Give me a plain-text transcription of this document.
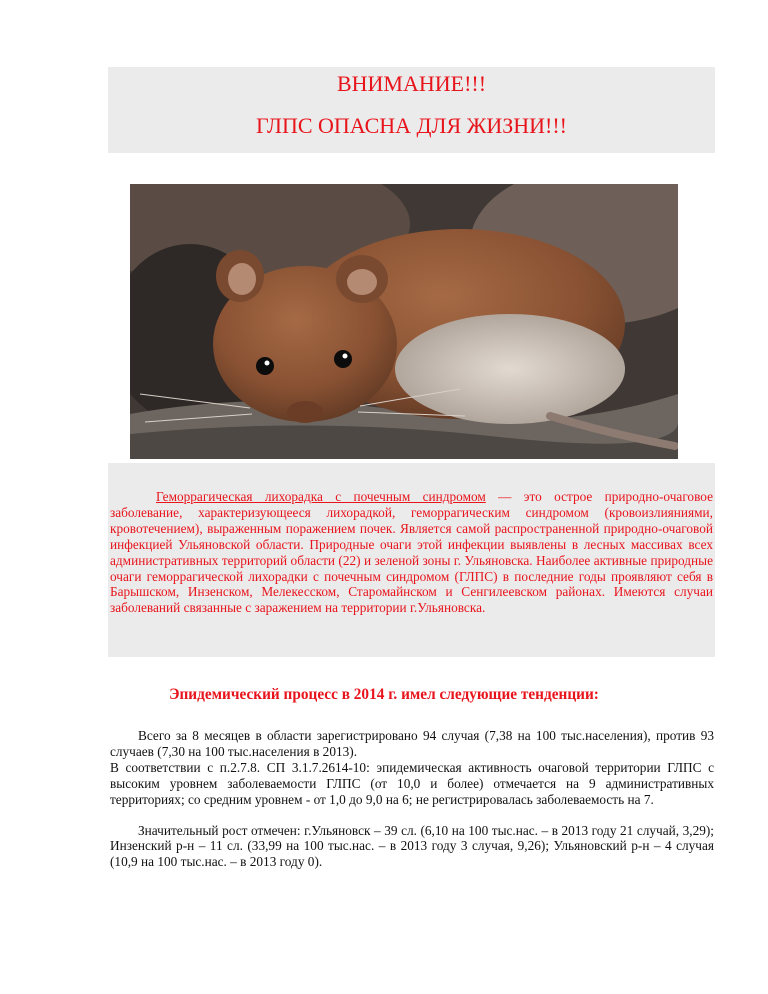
ВНИМАНИЕ!!!
ГЛПС ОПАСНА ДЛЯ ЖИЗНИ!!!
Геморрагическая лихорадка с почечным синдромом — это острое природно-очаговое заболевание, характеризующееся лихорадкой, геморрагическим синдромом (кровоизлияниями, кровотечением), выраженным поражением почек. Является самой распространенной природно-очаговой инфекцией Ульяновской области. Природные очаги этой инфекции выявлены в лесных массивах всех административных территорий области (22) и зеленой зоны г. Ульяновска. Наиболее активные природные очаги геморрагической лихорадки с почечным синдромом (ГЛПС) в последние годы проявляют себя в Барышском, Инзенском, Мелекесском, Старомайнском и Сенгилеевском районах. Имеются случаи заболеваний связанные с заражением на территории г.Ульяновска.
Эпидемический процесс в 2014 г. имел следующие тенденции:

Всего за 8 месяцев в области зарегистрировано 94 случая (7,38 на 100 тыс.населения), против 93 случаев (7,30 на 100 тыс.населения в 2013).

В соответствии с п.2.7.8. СП 3.1.7.2614-10: эпидемическая активность очаговой территории ГЛПС с высоким уровнем заболеваемости ГЛПС (от 10,0 и более) отмечается на 9 административных территориях; со средним уровнем - от 1,0 до 9,0 на 6; не регистрировалась заболеваемость на 7.

Значительный рост отмечен: г.Ульяновск – 39 сл. (6,10 на 100 тыс.нас. – в 2013 году 21 случай, 3,29); Инзенский р-н – 11 сл. (33,99 на 100 тыс.нас. – в 2013 году 3 случая, 9,26); Ульяновский р-н – 4 случая (10,9 на 100 тыс.нас. – в 2013 году 0).
